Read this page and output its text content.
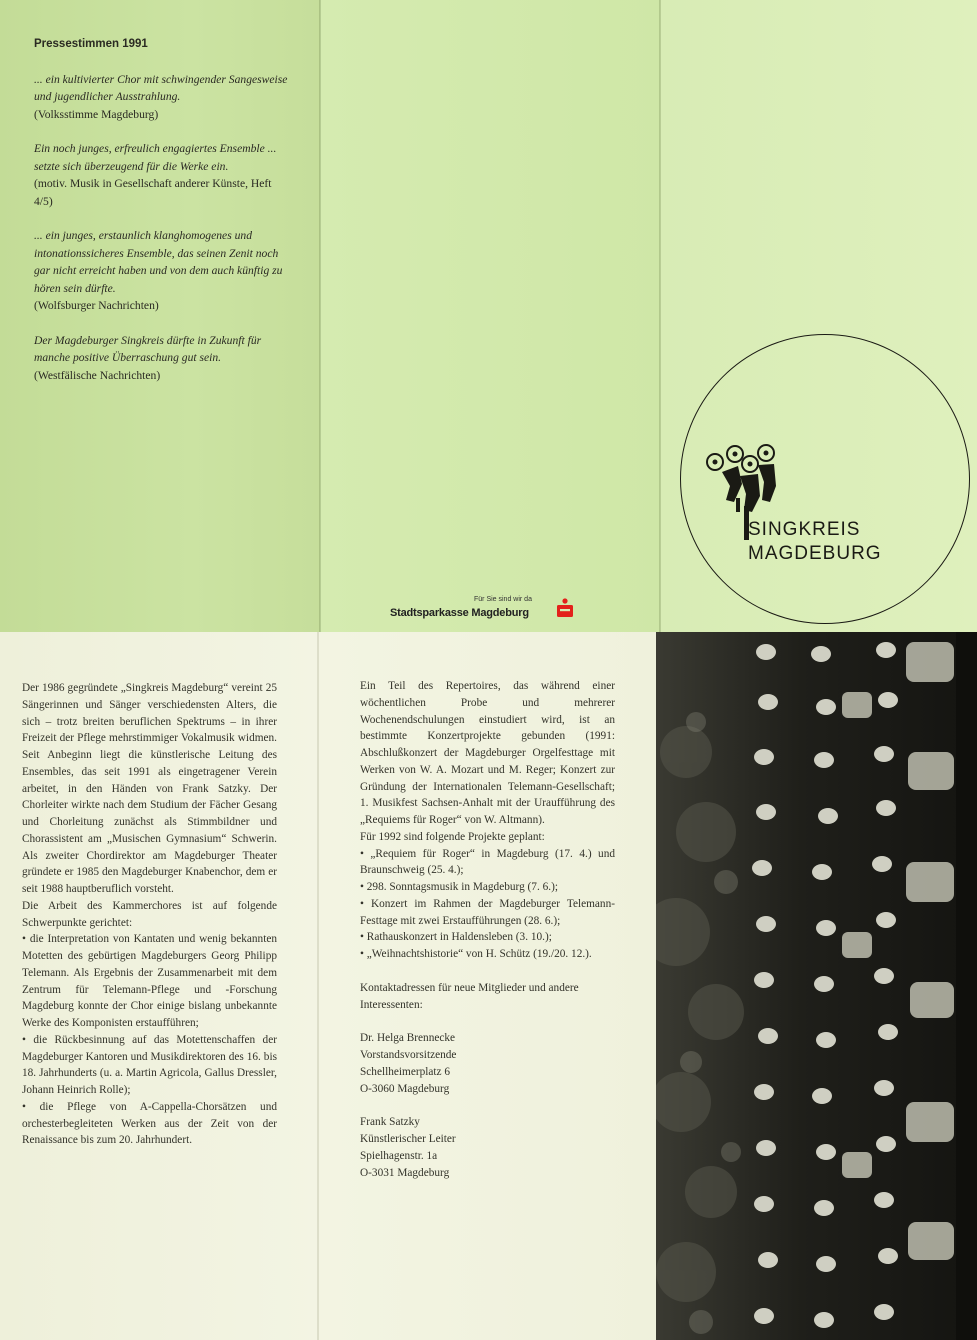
Pressestimmen 1991
... ein kultivierter Chor mit schwingender Sangesweise und jugendlicher Ausstrahlung.
(Volksstimme Magdeburg)
Ein noch junges, erfreulich engagiertes Ensemble ... setzte sich überzeugend für die Werke ein.
(motiv. Musik in Gesellschaft anderer Künste, Heft 4/5)
... ein junges, erstaunlich klanghomogenes und intonationssicheres Ensemble, das seinen Zenit noch gar nicht erreicht haben und von dem auch künftig zu hören sein dürfte.
(Wolfsburger Nachrichten)
Der Magdeburger Singkreis dürfte in Zukunft für manche positive Überraschung gut sein.
(Westfälische Nachrichten)
Für Sie sind wir da
Stadtsparkasse Magdeburg
SINGKREIS
MAGDEBURG

Der 1986 gegründete „Singkreis Magdeburg“ vereint 25 Sängerinnen und Sänger verschiedensten Alters, die sich – trotz breiten beruflichen Spektrums – in ihrer Freizeit der Pflege mehrstimmiger Vokalmusik widmen. Seit Anbeginn liegt die künstlerische Leitung des Ensembles, das seit 1991 als eingetragener Verein arbeitet, in den Händen von Frank Satzky. Der Chorleiter wirkte nach dem Studium der Fächer Gesang und Chorleitung zunächst als Stimmbildner und Chorassistent am „Musischen Gymnasium“ Schwerin. Als zweiter Chordirektor am Magdeburger Theater gründete er 1985 den Magdeburger Knabenchor, dem er seit 1988 hauptberuflich vorsteht.

Die Arbeit des Kammerchores ist auf folgende Schwerpunkte gerichtet:

• die Interpretation von Kantaten und wenig bekannten Motetten des gebürtigen Magdeburgers Georg Philipp Telemann. Als Ergebnis der Zusammenarbeit mit dem Zentrum für Telemann-Pflege und -Forschung Magdeburg konnte der Chor einige bislang unbekannte Werke des Komponisten erstaufführen;

• die Rückbesinnung auf das Motettenschaffen der Magdeburger Kantoren und Musikdirektoren des 16. bis 18. Jahrhunderts (u. a. Martin Agricola, Gallus Dressler, Johann Heinrich Rolle);

• die Pflege von A-Cappella-Chorsätzen und orchesterbegleiteten Werken aus der Zeit von der Renaissance bis zum 20. Jahrhundert.

Ein Teil des Repertoires, das während einer wöchentlichen Probe und mehrerer Wochenendschulungen einstudiert wird, ist an bestimmte Konzertprojekte gebunden (1991: Abschlußkonzert der Magdeburger Orgelfesttage mit Werken von W. A. Mozart und M. Reger; Konzert zur Gründung der Internationalen Telemann-Gesellschaft; 1. Musikfest Sachsen-Anhalt mit der Uraufführung des „Requiems für Roger“ von W. Altmann).

Für 1992 sind folgende Projekte geplant:

• „Requiem für Roger“ in Magdeburg (17. 4.) und Braunschweig (25. 4.);

• 298. Sonntagsmusik in Magdeburg (7. 6.);

• Konzert im Rahmen der Magdeburger Telemann-Festtage mit zwei Erstaufführungen (28. 6.);

• Rathauskonzert in Haldensleben (3. 10.);

• „Weihnachtshistorie“ von H. Schütz (19./20. 12.).

Kontaktadressen für neue Mitglieder und andere Interessenten:

Dr. Helga Brennecke

Vorstandsvorsitzende

Schellheimerplatz 6

O-3060 Magdeburg

Frank Satzky

Künstlerischer Leiter

Spielhagenstr. 1a

O-3031 Magdeburg
